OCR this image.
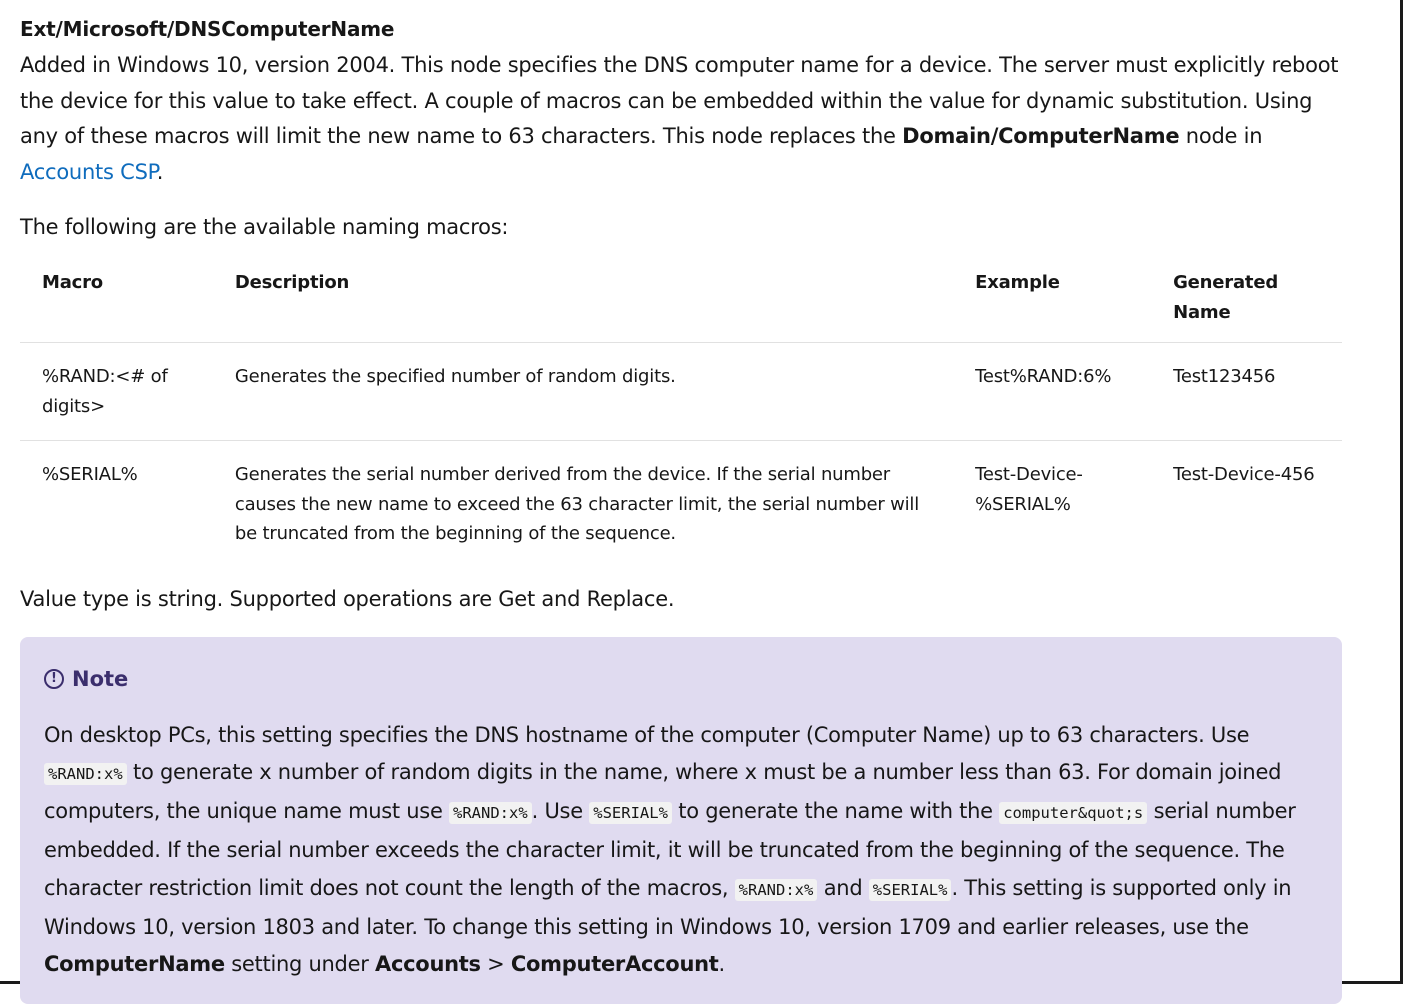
Ext/Microsoft/DNSComputerName

Added in Windows 10, version 2004. This node specifies the DNS computer name for a device. The server must explicitly reboot the device for this value to take effect. A couple of macros can be embedded within the value for dynamic substitution. Using any of these macros will limit the new name to 63 characters. This node replaces the Domain/ComputerName node in Accounts CSP.

The following are the available naming macros:

Macro	Description	Example	Generated Name
%RAND:<# of digits>	Generates the specified number of random digits.	Test%RAND:6%	Test123456
%SERIAL%	Generates the serial number derived from the device. If the serial number causes the new name to exceed the 63 character limit, the serial number will be truncated from the beginning of the sequence.	Test-Device-%SERIAL%	Test-Device-456

Value type is string. Supported operations are Get and Replace.

! Note

On desktop PCs, this setting specifies the DNS hostname of the computer (Computer Name) up to 63 characters. Use %RAND:x% to generate x number of random digits in the name, where x must be a number less than 63. For domain joined computers, the unique name must use %RAND:x% . Use %SERIAL% to generate the name with the computer&quot;s serial number embedded. If the serial number exceeds the character limit, it will be truncated from the beginning of the sequence. The character restriction limit does not count the length of the macros, %RAND:x% and %SERIAL% . This setting is supported only in Windows 10, version 1803 and later. To change this setting in Windows 10, version 1709 and earlier releases, use the ComputerName setting under Accounts > ComputerAccount.
